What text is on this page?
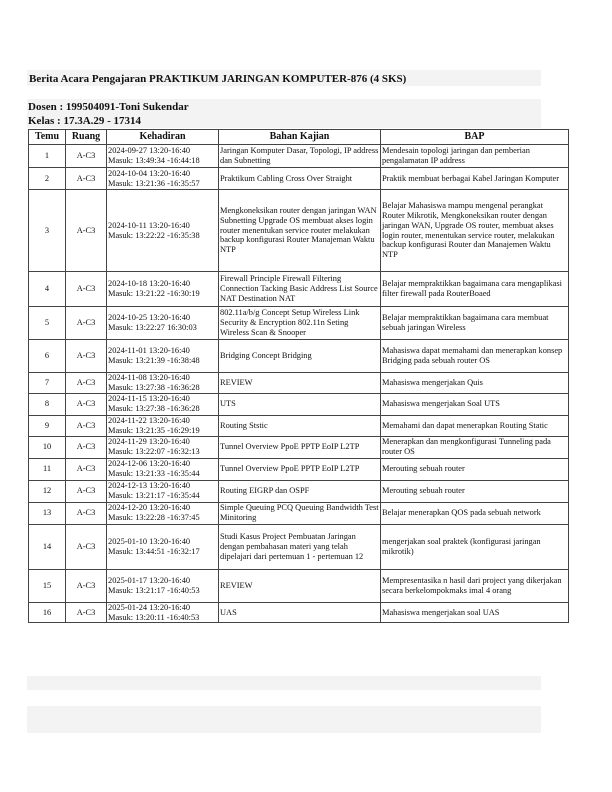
Berita Acara Pengajaran PRAKTIKUM JARINGAN KOMPUTER-876 (4 SKS)
Dosen : 199504091-Toni Sukendar
Kelas : 17.3A.29 - 17314
Temu	Ruang	Kehadiran	Bahan Kajian	BAP
1	A-C3	2024-09-27 13:20-16:40
Masuk: 13:49:34 -16:44:18	Jaringan Komputer Dasar, Topologi, IP address dan Subnetting	Mendesain topologi jaringan dan pemberian pengalamatan IP address
2	A-C3	2024-10-04 13:20-16:40
Masuk: 13:21:36 -16:35:57	Praktikum Cabling Cross Over Straight	Praktik membuat berbagai Kabel Jaringan Komputer
3	A-C3	2024-10-11 13:20-16:40
Masuk: 13:22:22 -16:35:38	Mengkoneksikan router dengan jaringan WAN Subnetting Upgrade OS membuat akses login router menentukan service router melakukan backup konfigurasi Router Manajeman Waktu NTP	Belajar Mahasiswa mampu mengenal perangkat Router Mikrotik, Mengkoneksikan router dengan jaringan WAN, Upgrade OS router, membuat akses login router, menentukan service router, melakukan backup konfigurasi Router dan Manajemen Waktu NTP
4	A-C3	2024-10-18 13:20-16:40
Masuk: 13:21:22 -16:30:19	Firewall Principle Firewall Filtering Connection Tacking Basic Address List Source NAT Destination NAT	Belajar mempraktikkan bagaimana cara mengaplikasi filter firewall pada RouterBoaed
5	A-C3	2024-10-25 13:20-16:40
Masuk: 13:22:27 16:30:03	802.11a/b/g Concept Setup Wireless Link Security & Encryption 802.11n Seting Wireless Scan & Snooper	Belajar mempraktikkan bagaimana cara membuat sebuah jaringan Wireless
6	A-C3	2024-11-01 13:20-16:40
Masuk: 13:21:39 -16:38:48	Bridging Concept Bridging	Mahasiswa dapat memahami dan menerapkan konsep Bridging pada sebuah router OS
7	A-C3	2024-11-08 13:20-16:40
Masuk: 13:27:38 -16:36:28	REVIEW	Mahasiswa mengerjakan Quis
8	A-C3	2024-11-15 13:20-16:40
Masuk: 13:27:38 -16:36:28	UTS	Mahasiswa mengerjakan Soal UTS
9	A-C3	2024-11-22 13:20-16:40
Masuk: 13:21:35 -16:29:19	Routing Ststic	Memahami dan dapat menerapkan Routing Static
10	A-C3	2024-11-29 13:20-16:40
Masuk: 13:22:07 -16:32:13	Tunnel Overview PpoE PPTP EoIP L2TP	Menerapkan dan mengkonfigurasi Tunneling pada router OS
11	A-C3	2024-12-06 13:20-16:40
Masuk: 13:21:33 -16:35:44	Tunnel Overview PpoE PPTP EoIP L2TP	Merouting sebuah router
12	A-C3	2024-12-13 13:20-16:40
Masuk: 13:21:17 -16:35:44	Routing EIGRP dan OSPF	Merouting sebuah router
13	A-C3	2024-12-20 13:20-16:40
Masuk: 13:22:28 -16:37:45	Simple Queuing PCQ Queuing Bandwidth Test Minitoring	Belajar menerapkan QOS pada sebuah network
14	A-C3	2025-01-10 13:20-16:40
Masuk: 13:44:51 -16:32:17	Studi Kasus Project Pembuatan Jaringan dengan pembahasan materi yang telah dipelajari dari pertemuan 1 - pertemuan 12	mengerjakan soal praktek (konfigurasi jaringan mikrotik)
15	A-C3	2025-01-17 13:20-16:40
Masuk: 13:21:17 -16:40:53	REVIEW	Mempresentasika n hasil dari project yang dikerjakan secara berkelompokmaks imal 4 orang
16	A-C3	2025-01-24 13:20-16:40
Masuk: 13:20:11 -16:40:53	UAS	Mahasiswa mengerjakan soal UAS
